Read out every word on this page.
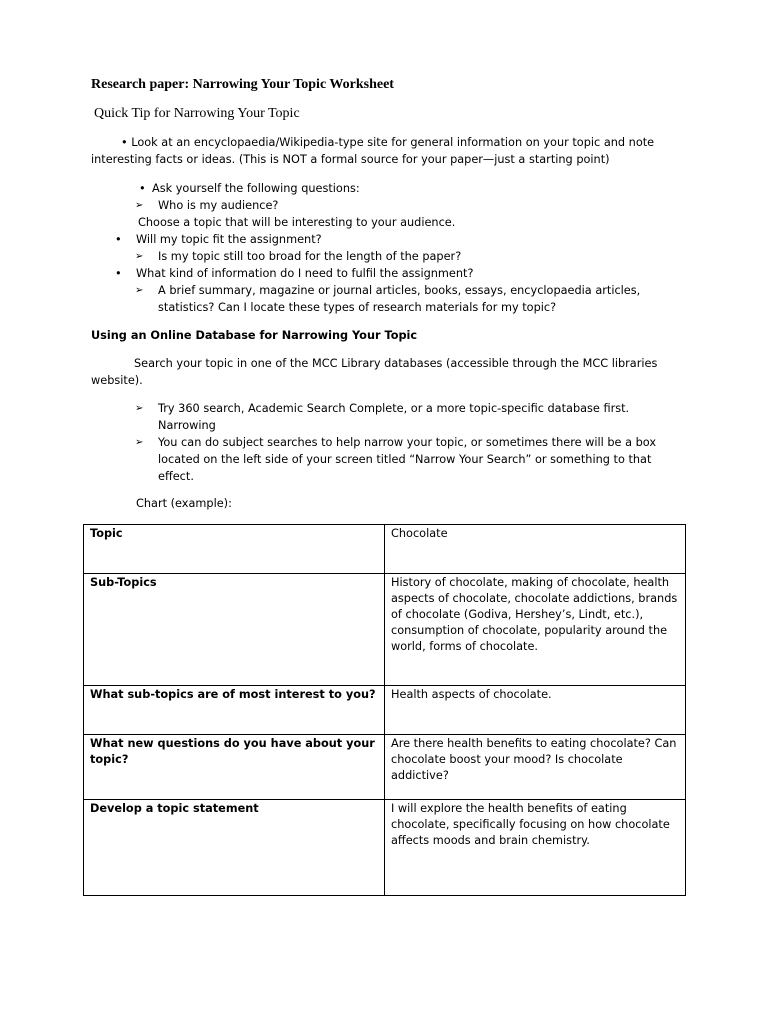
Research paper: Narrowing Your Topic Worksheet
Quick Tip for Narrowing Your Topic
• Look at an encyclopaedia/Wikipedia-type site for general information on your topic and note interesting facts or ideas. (This is NOT a formal source for your paper—just a starting point)
• Ask yourself the following questions:
➢ Who is my audience?
Choose a topic that will be interesting to your audience.
• Will my topic fit the assignment?
➢ Is my topic still too broad for the length of the paper?
• What kind of information do I need to fulfil the assignment?
➢ A brief summary, magazine or journal articles, books, essays, encyclopaedia articles,
statistics? Can I locate these types of research materials for my topic?
Using an Online Database for Narrowing Your Topic
Search your topic in one of the MCC Library databases (accessible through the MCC libraries website).
➢ Try 360 search, Academic Search Complete, or a more topic-specific database first.
Narrowing
➢ You can do subject searches to help narrow your topic, or sometimes there will be a box
located on the left side of your screen titled “Narrow Your Search” or something to that
effect.
Chart (example):
Topic	Chocolate
Sub-Topics	History of chocolate, making of chocolate, health aspects of chocolate, chocolate addictions, brands of chocolate (Godiva, Hershey’s, Lindt, etc.), consumption of chocolate, popularity around the world, forms of chocolate.
What sub-topics are of most interest to you?	Health aspects of chocolate.
What new questions do you have about your topic?	Are there health benefits to eating chocolate? Can chocolate boost your mood? Is chocolate addictive?
Develop a topic statement	I will explore the health benefits of eating chocolate, specifically focusing on how chocolate affects moods and brain chemistry.
